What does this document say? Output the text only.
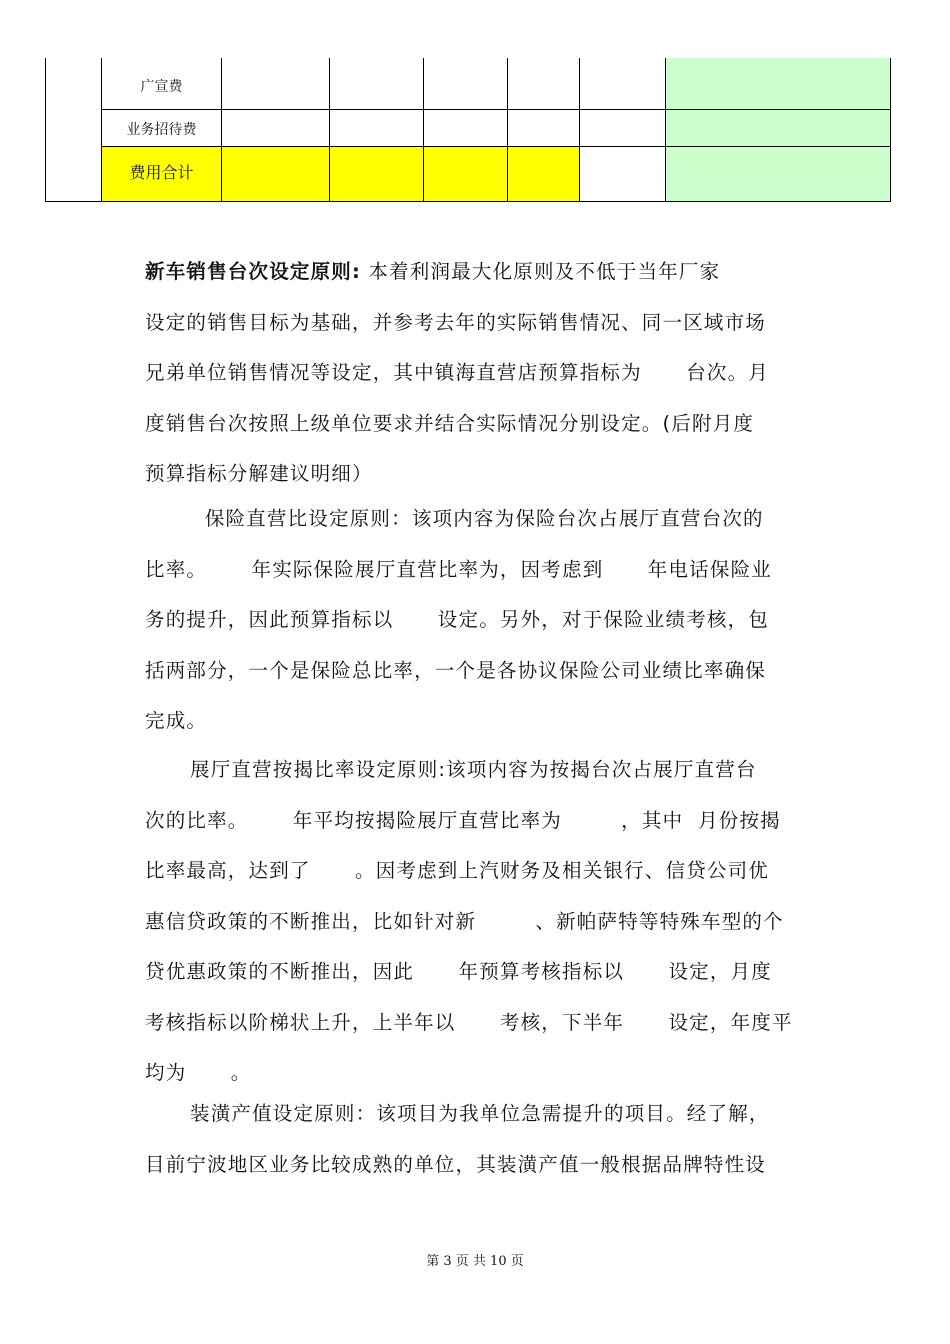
广宣费
业务招待费
费用合计

新车销售台次设定原则: 本着利润最大化原则及不低于当年厂家
设定的销售目标为基础，并参考去年的实际销售情况、同一区域市场
兄弟单位销售情况等设定，其中镇海直营店预算指标为      台次。月
度销售台次按照上级单位要求并结合实际情况分别设定。(后附月度
预算指标分解建议明细）

保险直营比设定原则：该项内容为保险台次占展厅直营台次的
比率。      年实际保险展厅直营比率为，因考虑到      年电话保险业
务的提升，因此预算指标以      设定。另外，对于保险业绩考核，包
括两部分，一个是保险总比率，一个是各协议保险公司业绩比率确保
完成。

展厅直营按揭比率设定原则:该项内容为按揭台次占展厅直营台
次的比率。      年平均按揭险展厅直营比率为        ，其中  月份按揭
比率最高，达到了      。因考虑到上汽财务及相关银行、信贷公司优
惠信贷政策的不断推出，比如针对新        、新帕萨特等特殊车型的个
贷优惠政策的不断推出，因此      年预算考核指标以      设定，月度
考核指标以阶梯状上升，上半年以      考核，下半年      设定，年度平
均为      。

装潢产值设定原则：该项目为我单位急需提升的项目。经了解，
目前宁波地区业务比较成熟的单位，其装潢产值一般根据品牌特性设

第 3 页 共 10 页
